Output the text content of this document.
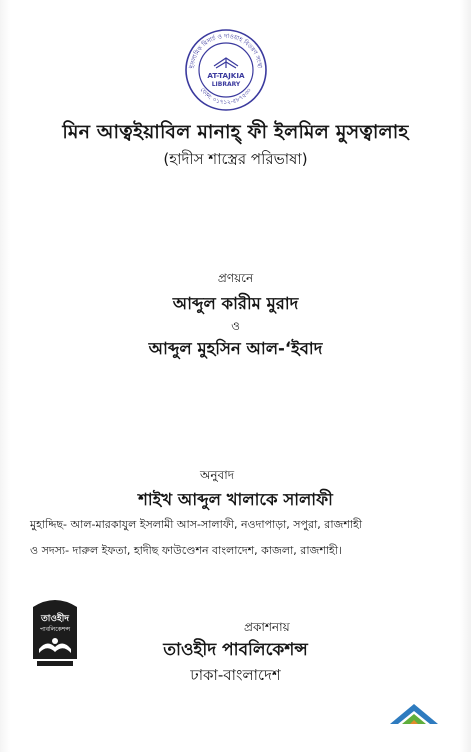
ইসলামিক রিসার্চ ও দাওয়াহ বিতরণ সংস্থা
ফোন: ০১৭১২-৫৮৭৫৩০
AT-TAJKIA
LIBRARY
মিন আত্বইয়াবিল মানাহ্ ফী ইলমিল মুসত্বালাহ
(হাদীস শাস্ত্রের পরিভাষা)
প্রণয়নে
আব্দুল কারীম মুরাদ
ও
আব্দুল মুহসিন আল-‘ইবাদ
অনুবাদ
শাইখ আব্দুল খালাকে সালাফী
মুহাদ্দিছ- আল-মারকাযুল ইসলামী আস-সালাফী, নওদাপাড়া, সপুরা, রাজশাহী
ও সদস্য- দারুল ইফতা, হাদীছ ফাউণ্ডেশন বাংলাদেশ, কাজলা, রাজশাহী।
তাওহীদ
পাবলিকেশন্স	প্রকাশনায়
তাওহীদ পাবলিকেশন্স
ঢাকা-বাংলাদেশ
